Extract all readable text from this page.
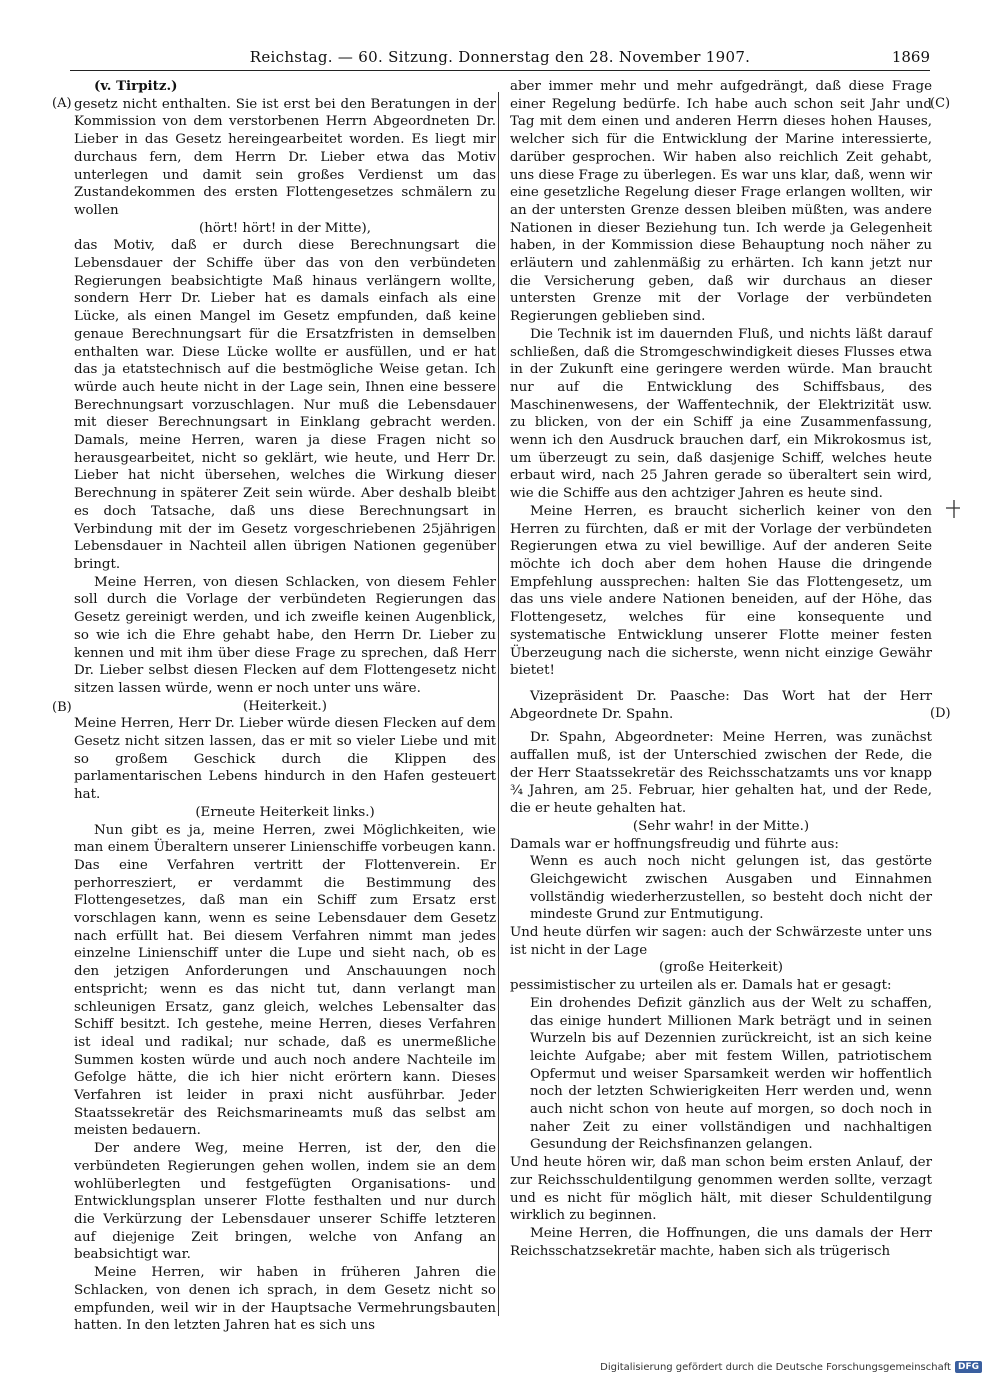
Reichstag. — 60. Sitzung. Donnerstag den 28. November 1907.	1869
(A)
(B)
(C)
(D)

(v. Tirpitz.)

gesetz nicht enthalten. Sie ist erst bei den Beratungen in der Kommission von dem verstorbenen Herrn Abgeordneten Dr. Lieber in das Gesetz hereingearbeitet worden. Es liegt mir durchaus fern, dem Herrn Dr. Lieber etwa das Motiv unterlegen und damit sein großes Verdienst um das Zustandekommen des ersten Flottengesetzes schmälern zu wollen

(hört! hört! in der Mitte),

das Motiv, daß er durch diese Berechnungsart die Lebensdauer der Schiffe über das von den verbündeten Regierungen beabsichtigte Maß hinaus verlängern wollte, sondern Herr Dr. Lieber hat es damals einfach als eine Lücke, als einen Mangel im Gesetz empfunden, daß keine genaue Berechnungsart für die Ersatzfristen in demselben enthalten war. Diese Lücke wollte er ausfüllen, und er hat das ja etatstechnisch auf die bestmögliche Weise getan. Ich würde auch heute nicht in der Lage sein, Ihnen eine bessere Berechnungsart vorzuschlagen. Nur muß die Lebensdauer mit dieser Berechnungsart in Einklang gebracht werden. Damals, meine Herren, waren ja diese Fragen nicht so herausgearbeitet, nicht so geklärt, wie heute, und Herr Dr. Lieber hat nicht übersehen, welches die Wirkung dieser Berechnung in späterer Zeit sein würde. Aber deshalb bleibt es doch Tatsache, daß uns diese Berechnungsart in Verbindung mit der im Gesetz vorgeschriebenen 25jährigen Lebensdauer in Nachteil allen übrigen Nationen gegenüber bringt.

Meine Herren, von diesen Schlacken, von diesem Fehler soll durch die Vorlage der verbündeten Regierungen das Gesetz gereinigt werden, und ich zweifle keinen Augenblick, so wie ich die Ehre gehabt habe, den Herrn Dr. Lieber zu kennen und mit ihm über diese Frage zu sprechen, daß Herr Dr. Lieber selbst diesen Flecken auf dem Flottengesetz nicht sitzen lassen würde, wenn er noch unter uns wäre.

(Heiterkeit.)

Meine Herren, Herr Dr. Lieber würde diesen Flecken auf dem Gesetz nicht sitzen lassen, das er mit so vieler Liebe und mit so großem Geschick durch die Klippen des parlamentarischen Lebens hindurch in den Hafen gesteuert hat.

(Erneute Heiterkeit links.)

Nun gibt es ja, meine Herren, zwei Möglichkeiten, wie man einem Überaltern unserer Linienschiffe vorbeugen kann. Das eine Verfahren vertritt der Flottenverein. Er perhorresziert, er verdammt die Bestimmung des Flottengesetzes, daß man ein Schiff zum Ersatz erst vorschlagen kann, wenn es seine Lebensdauer dem Gesetz nach erfüllt hat. Bei diesem Verfahren nimmt man jedes einzelne Linienschiff unter die Lupe und sieht nach, ob es den jetzigen Anforderungen und Anschauungen noch entspricht; wenn es das nicht tut, dann verlangt man schleunigen Ersatz, ganz gleich, welches Lebensalter das Schiff besitzt. Ich gestehe, meine Herren, dieses Verfahren ist ideal und radikal; nur schade, daß es unermeßliche Summen kosten würde und auch noch andere Nachteile im Gefolge hätte, die ich hier nicht erörtern kann. Dieses Verfahren ist leider in praxi nicht ausführbar. Jeder Staatssekretär des Reichsmarineamts muß das selbst am meisten bedauern.

Der andere Weg, meine Herren, ist der, den die verbündeten Regierungen gehen wollen, indem sie an dem wohlüberlegten und festgefügten Organisations- und Entwicklungsplan unserer Flotte festhalten und nur durch die Verkürzung der Lebensdauer unserer Schiffe letzteren auf diejenige Zeit bringen, welche von Anfang an beabsichtigt war.

Meine Herren, wir haben in früheren Jahren die Schlacken, von denen ich sprach, in dem Gesetz nicht so empfunden, weil wir in der Hauptsache Vermehrungsbauten hatten. In den letzten Jahren hat es sich uns

aber immer mehr und mehr aufgedrängt, daß diese Frage einer Regelung bedürfe. Ich habe auch schon seit Jahr und Tag mit dem einen und anderen Herrn dieses hohen Hauses, welcher sich für die Entwicklung der Marine interessierte, darüber gesprochen. Wir haben also reichlich Zeit gehabt, uns diese Frage zu überlegen. Es war uns klar, daß, wenn wir eine gesetzliche Regelung dieser Frage erlangen wollten, wir an der untersten Grenze dessen bleiben müßten, was andere Nationen in dieser Beziehung tun. Ich werde ja Gelegenheit haben, in der Kommission diese Behauptung noch näher zu erläutern und zahlenmäßig zu erhärten. Ich kann jetzt nur die Versicherung geben, daß wir durchaus an dieser untersten Grenze mit der Vorlage der verbündeten Regierungen geblieben sind.

Die Technik ist im dauernden Fluß, und nichts läßt darauf schließen, daß die Stromgeschwindigkeit dieses Flusses etwa in der Zukunft eine geringere werden würde. Man braucht nur auf die Entwicklung des Schiffsbaus, des Maschinenwesens, der Waffentechnik, der Elektrizität usw. zu blicken, von der ein Schiff ja eine Zusammenfassung, wenn ich den Ausdruck brauchen darf, ein Mikrokosmus ist, um überzeugt zu sein, daß dasjenige Schiff, welches heute erbaut wird, nach 25 Jahren gerade so überaltert sein wird, wie die Schiffe aus den achtziger Jahren es heute sind.

Meine Herren, es braucht sicherlich keiner von den Herren zu fürchten, daß er mit der Vorlage der verbündeten Regierungen etwa zu viel bewillige. Auf der anderen Seite möchte ich doch aber dem hohen Hause die dringende Empfehlung aussprechen: halten Sie das Flottengesetz, um das uns viele andere Nationen beneiden, auf der Höhe, das Flottengesetz, welches für eine konsequente und systematische Entwicklung unserer Flotte meiner festen Überzeugung nach die sicherste, wenn nicht einzige Gewähr bietet!

Vizepräsident Dr. Paasche: Das Wort hat der Herr Abgeordnete Dr. Spahn.

Dr. Spahn, Abgeordneter: Meine Herren, was zunächst auffallen muß, ist der Unterschied zwischen der Rede, die der Herr Staatssekretär des Reichsschatzamts uns vor knapp ¾ Jahren, am 25. Februar, hier gehalten hat, und der Rede, die er heute gehalten hat.

(Sehr wahr! in der Mitte.)

Damals war er hoffnungsfreudig und führte aus:

Wenn es auch noch nicht gelungen ist, das gestörte Gleichgewicht zwischen Ausgaben und Einnahmen vollständig wiederherzustellen, so besteht doch nicht der mindeste Grund zur Entmutigung.

Und heute dürfen wir sagen: auch der Schwärzeste unter uns ist nicht in der Lage

(große Heiterkeit)

pessimistischer zu urteilen als er. Damals hat er gesagt:

Ein drohendes Defizit gänzlich aus der Welt zu schaffen, das einige hundert Millionen Mark beträgt und in seinen Wurzeln bis auf Dezennien zurückreicht, ist an sich keine leichte Aufgabe; aber mit festem Willen, patriotischem Opfermut und weiser Sparsamkeit werden wir hoffentlich noch der letzten Schwierigkeiten Herr werden und, wenn auch nicht schon von heute auf morgen, so doch noch in naher Zeit zu einer vollständigen und nachhaltigen Gesundung der Reichsfinanzen gelangen.

Und heute hören wir, daß man schon beim ersten Anlauf, der zur Reichsschuldentilgung genommen werden sollte, verzagt und es nicht für möglich hält, mit dieser Schuldentilgung wirklich zu beginnen.

Meine Herren, die Hoffnungen, die uns damals der Herr Reichsschatzsekretär machte, haben sich als trügerisch

Digitalisierung gefördert durch die Deutsche Forschungsgemeinschaft DFG
